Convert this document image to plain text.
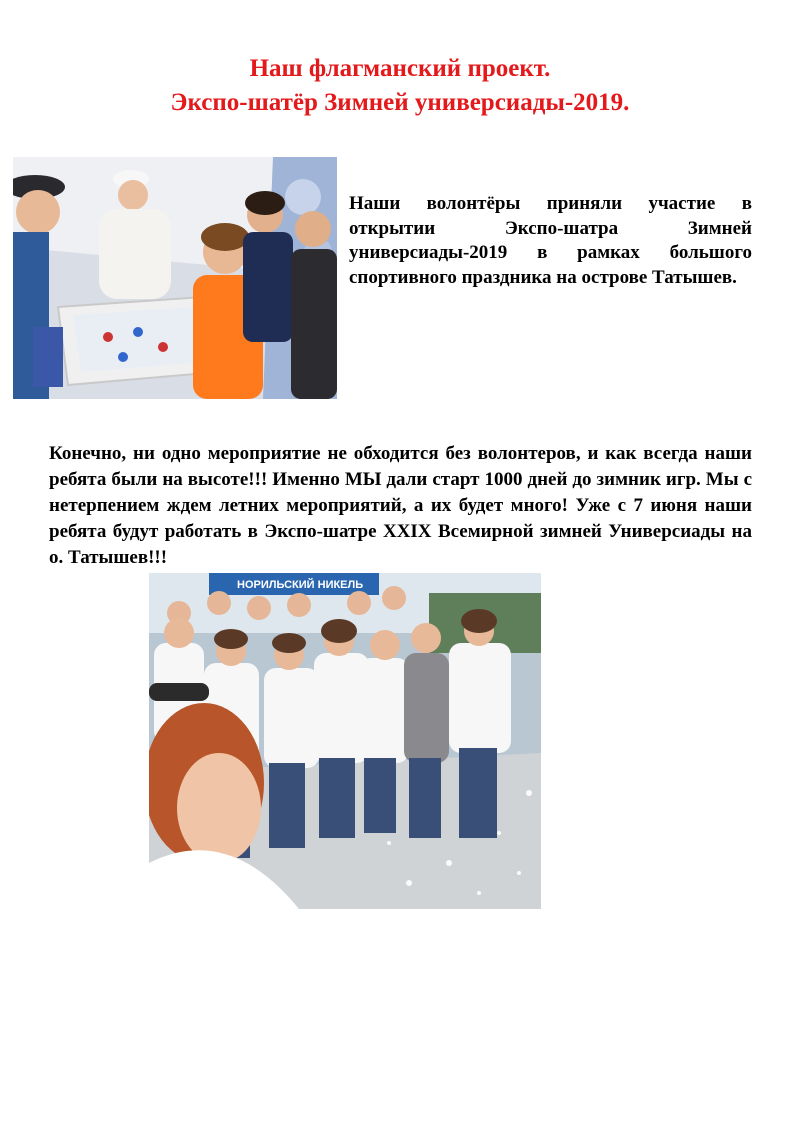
Наш флагманский проект.
Экспо-шатёр Зимней универсиады-2019.
Наши волонтёры приняли участие в открытии Экспо-шатра Зимней универсиады-2019 в рамках большого спортивного праздника на острове Татышев.
Конечно, ни одно мероприятие не обходится без волонтеров, и как всегда наши ребята были на высоте!!! Именно МЫ дали старт 1000 дней до зимник игр. Мы с нетерпением ждем летних мероприятий, а их будет много! Уже с 7 июня наши ребята будут работать в Экспо-шатре XXIX Всемирной зимней Универсиады на о. Татышев!!!
НОРИЛЬСКИЙ НИКЕЛЬ
